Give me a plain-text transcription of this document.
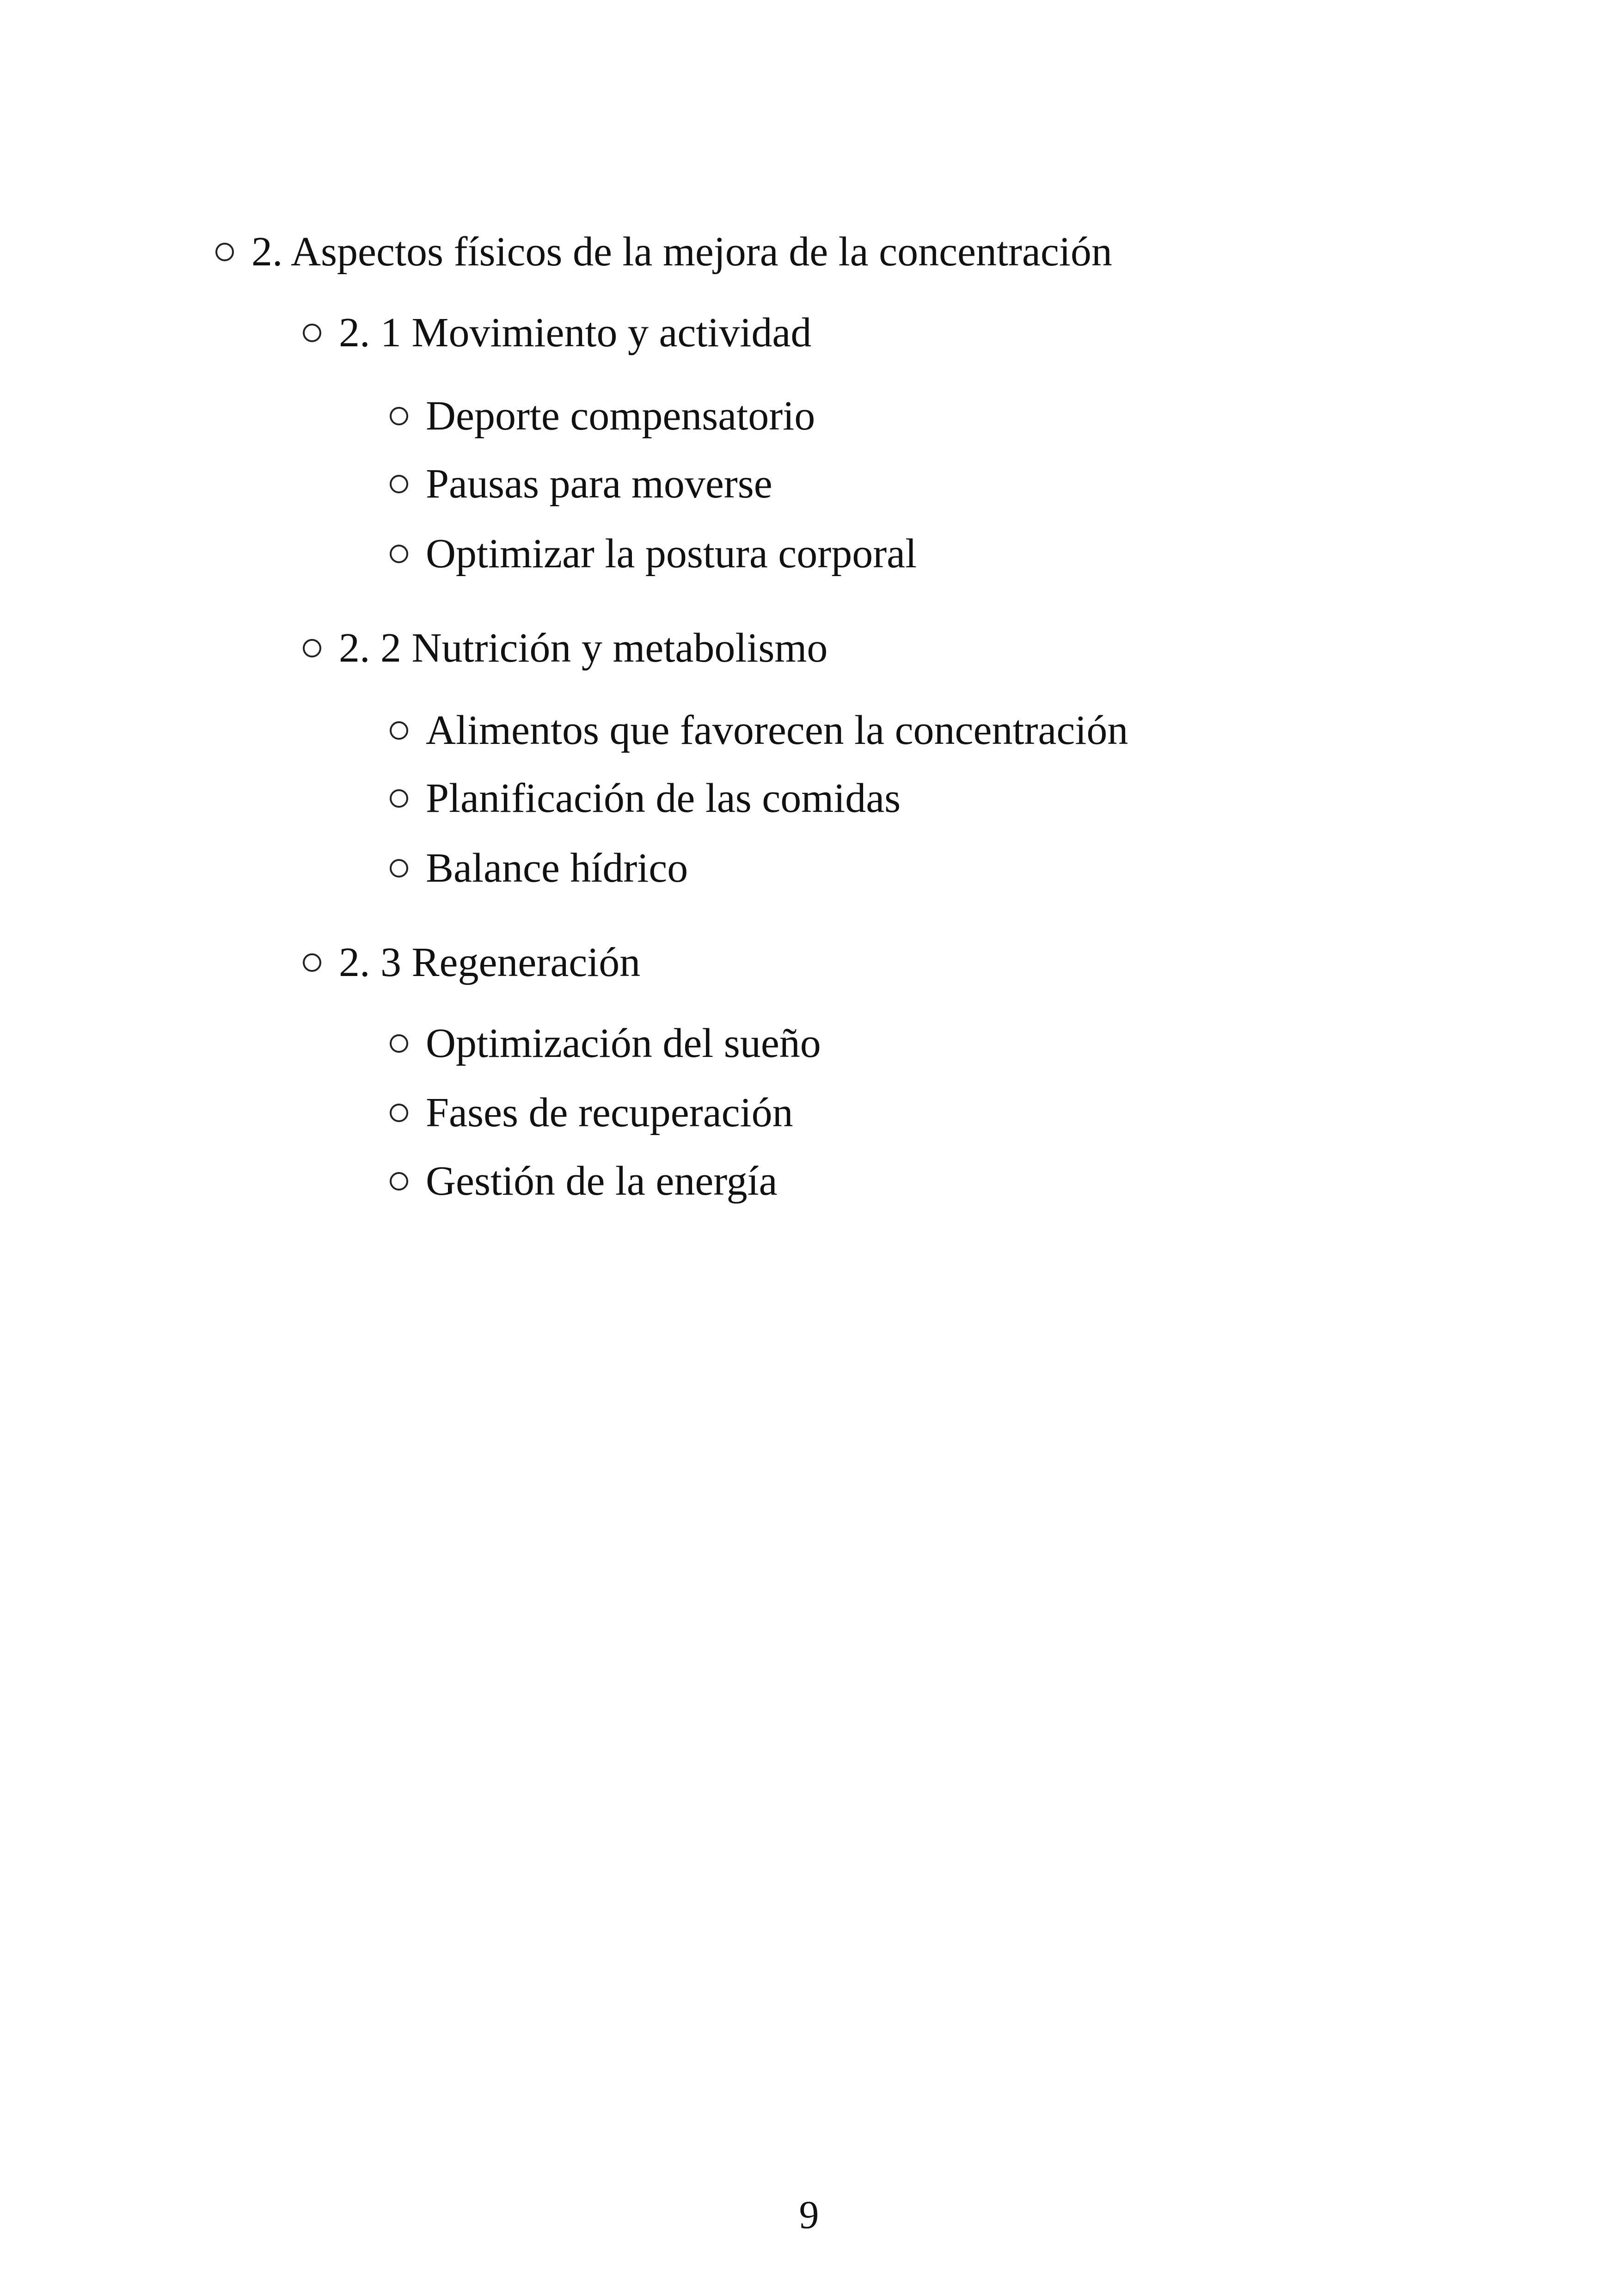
2. Aspectos físicos de la mejora de la concentración
2. 1 Movimiento y actividad
Deporte compensatorio
Pausas para moverse
Optimizar la postura corporal
2. 2 Nutrición y metabolismo
Alimentos que favorecen la concentración
Planificación de las comidas
Balance hídrico
2. 3 Regeneración
Optimización del sueño
Fases de recuperación
Gestión de la energía
9
